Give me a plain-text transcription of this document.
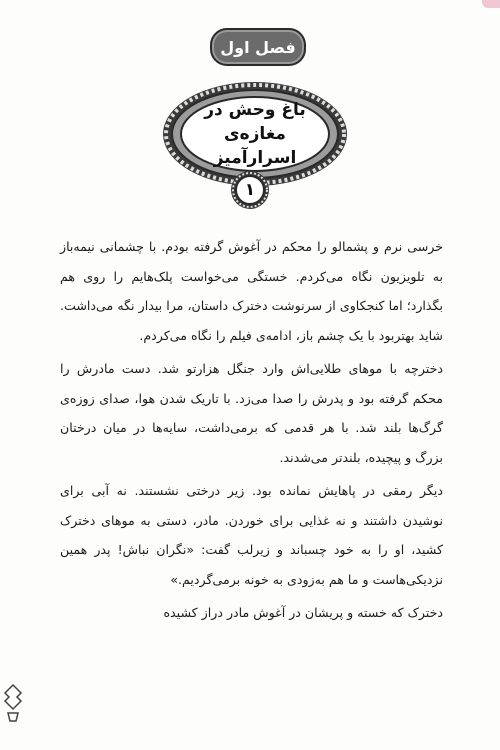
فصل اول
باغ وحش در
مغازه‌ی اسرارآمیز
۱

خرسی نرم و پشمالو را محکم در آغوش گرفته بودم. با چشمانی نیمه‌باز به تلویزیون نگاه می‌کردم. خستگی می‌خواست پلک‌هایم را روی هم بگذارد؛ اما کنجکاوی از سرنوشت دخترک داستان، مرا بیدار نگه می‌داشت. شاید بهتربود با یک چشم باز، ادامه‌ی فیلم را نگاه می‌کردم.

دخترچه با موهای طلایی‌اش وارد جنگل هزارتو شد. دست مادرش را محکم گرفته بود و پدرش را صدا می‌زد. با تاریک شدن هوا، صدای زوزه‌ی گرگ‌ها بلند شد. با هر قدمی که برمی‌داشت، سایه‌ها در میان درختان بزرگ و پیچیده، بلندتر می‌شدند.

دیگر رمقی در پاهایش نمانده بود. زیر درختی نشستند. نه آبی برای نوشیدن داشتند و نه غذایی برای خوردن. مادر، دستی به موهای دخترک کشید، او را به خود چسباند و زیرلب گفت: «نگران نباش! پدر همین نزدیکی‌هاست و ما هم به‌زودی به خونه برمی‌گردیم.»

دخترک که خسته و پریشان در آغوش مادر دراز کشیده
